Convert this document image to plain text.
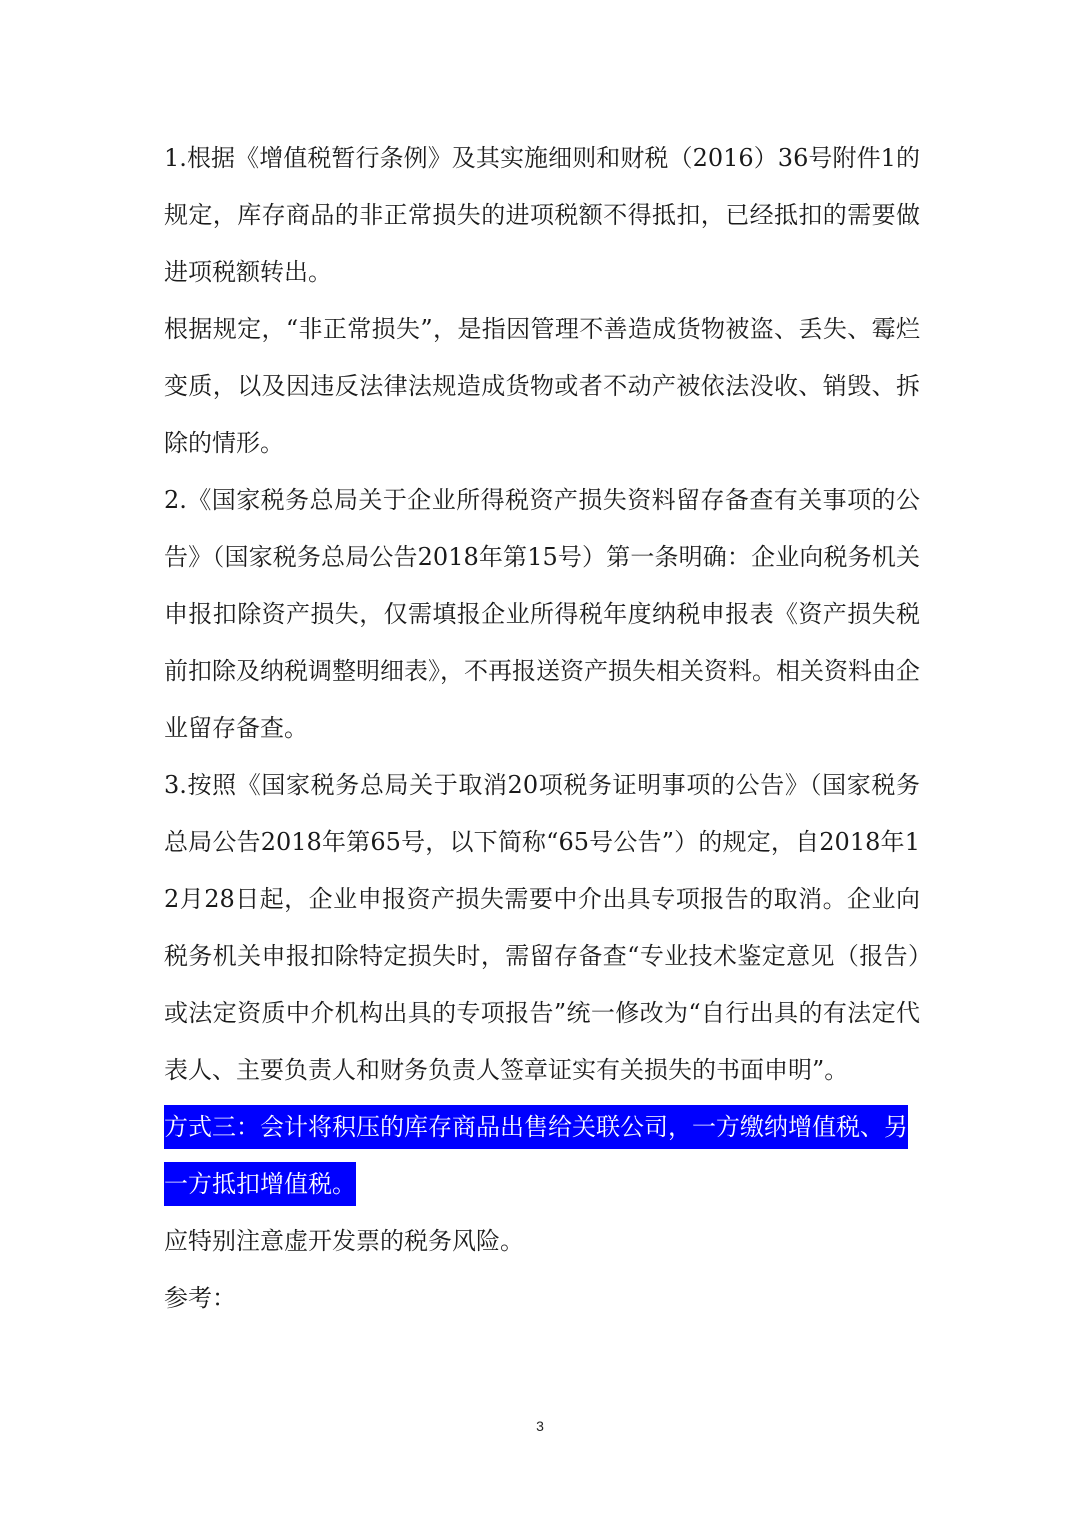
1.根据《增值税暂行条例》及其实施细则和财税（2016）36号附件1的规定，库存商品的非正常损失的进项税额不得抵扣，已经抵扣的需要做进项税额转出。

根据规定，“非正常损失”，是指因管理不善造成货物被盗、丢失、霉烂变质，以及因违反法律法规造成货物或者不动产被依法没收、销毁、拆除的情形。

2.《国家税务总局关于企业所得税资产损失资料留存备查有关事项的公告》（国家税务总局公告2018年第15号）第一条明确：企业向税务机关申报扣除资产损失，仅需填报企业所得税年度纳税申报表《资产损失税前扣除及纳税调整明细表》，不再报送资产损失相关资料。相关资料由企业留存备查。

3.按照《国家税务总局关于取消20项税务证明事项的公告》（国家税务总局公告2018年第65号，以下简称“65号公告”）的规定，自2018年12月28日起，企业申报资产损失需要中介出具专项报告的取消。企业向税务机关申报扣除特定损失时，需留存备查“专业技术鉴定意见（报告）或法定资质中介机构出具的专项报告”统一修改为“自行出具的有法定代表人、主要负责人和财务负责人签章证实有关损失的书面申明”。

方式三：会计将积压的库存商品出售给关联公司，一方缴纳增值税、另一方抵扣增值税。

应特别注意虚开发票的税务风险。

参考：

3
